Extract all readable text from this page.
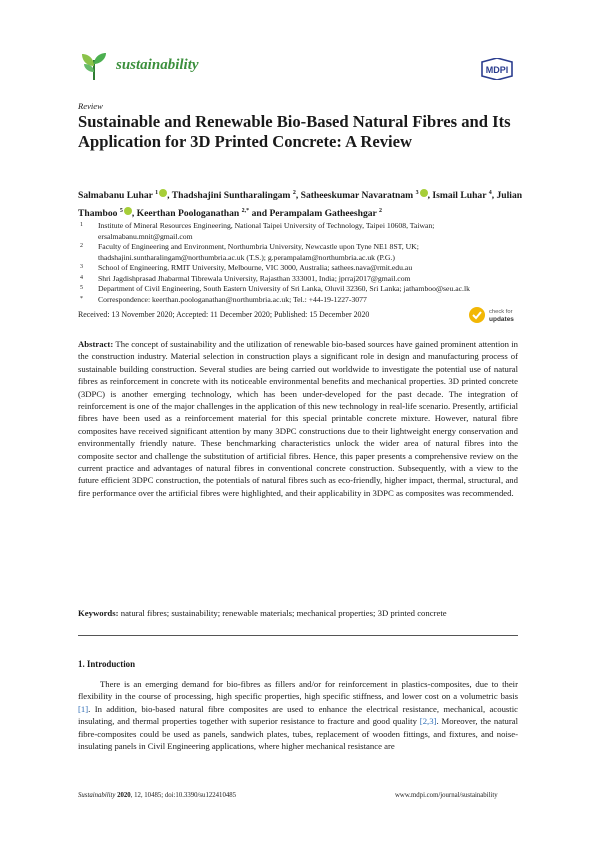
sustainability	MDPI
Review
Sustainable and Renewable Bio-Based Natural Fibres and Its Application for 3D Printed Concrete: A Review
Salmabanu Luhar $^1$ , Thadshajini Suntharalingam $^2$, Satheeskumar Navaratnam $^3$ , Ismail Luhar $^4$, Julian Thamboo $^5$ , Keerthan Poologanathan $^{2,*}$ and Perampalam Gatheeshgar $^2$
1	Institute of Mineral Resources Engineering, National Taipei University of Technology, Taipei 10608, Taiwan; ersalmabanu.mnit@gmail.com
2	Faculty of Engineering and Environment, Northumbria University, Newcastle upon Tyne NE1 8ST, UK; thadshajini.suntharalingam@northumbria.ac.uk (T.S.); g.perampalam@northumbria.ac.uk (P.G.)
3	School of Engineering, RMIT University, Melbourne, VIC 3000, Australia; sathees.nava@rmit.edu.au
4	Shri Jagdishprasad Jhabarmal Tibrewala University, Rajasthan 333001, India; jprraj2017@gmail.com
5	Department of Civil Engineering, South Eastern University of Sri Lanka, Oluvil 32360, Sri Lanka; jathamboo@seu.ac.lk
*	Correspondence: keerthan.poologanathan@northumbria.ac.uk; Tel.: +44-19-1227-3077
Received: 13 November 2020; Accepted: 11 December 2020; Published: 15 December 2020	check for
updates
Abstract: The concept of sustainability and the utilization of renewable bio-based sources have gained prominent attention in the construction industry. Material selection in construction plays a significant role in design and manufacturing process of sustainable building construction. Several studies are being carried out worldwide to investigate the potential use of natural fibres as reinforcement in concrete with its noticeable environmental benefits and mechanical properties. 3D printed concrete (3DPC) is another emerging technology, which has been under-developed for the past decade. The integration of reinforcement is one of the major challenges in the application of this new technology in real-life scenario. Presently, artificial fibres have been used as a reinforcement material for this special printable concrete mixture. However, natural fibre composites have received significant attention by many 3DPC constructions due to their lightweight energy conservation and environmentally friendly nature. These benchmarking characteristics unlock the wider area of natural fibres into the composite sector and challenge the substitution of artificial fibres. Hence, this paper presents a comprehensive review on the current practice and advantages of natural fibres in conventional concrete construction. Subsequently, with a view to the future efficient 3DPC construction, the potentials of natural fibres such as eco-friendly, higher impact, thermal, structural, and fire performance over the artificial fibres were highlighted, and their applicability in 3DPC as composites was recommended.
Keywords: natural fibres; sustainability; renewable materials; mechanical properties; 3D printed concrete
1. Introduction
There is an emerging demand for bio-fibres as fillers and/or for reinforcement in plastics-composites, due to their flexibility in the course of processing, high specific properties, high specific stiffness, and lower cost on a volumetric basis [1]. In addition, bio-based natural fibre composites are used to enhance the electrical resistance, mechanical, acoustic insulating, and thermal properties together with superior resistance to fracture and good quality [2,3]. Moreover, the natural fibre-composites could be used as panels, sandwich plates, tubes, replacement of wooden fittings, and fixtures, and noise-insulating panels in Civil Engineering applications, where higher mechanical resistance are
Sustainability 2020, 12, 10485; doi:10.3390/su122410485	www.mdpi.com/journal/sustainability
